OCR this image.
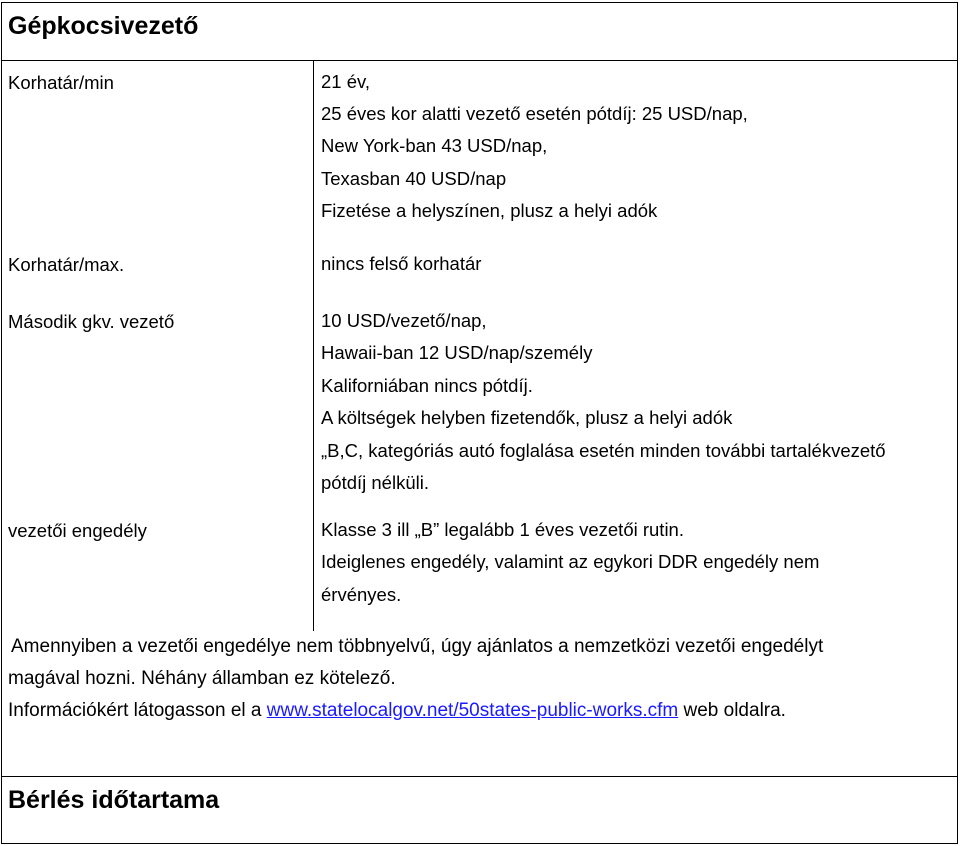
Gépkocsivezető
Korhatár/min	21 év,
25 éves kor alatti vezető esetén pótdíj: 25 USD/nap,
New York-ban 43 USD/nap,
Texasban 40 USD/nap
Fizetése a helyszínen, plusz a helyi adók
Korhatár/max.	nincs felső korhatár
Második gkv. vezető	10 USD/vezető/nap,
Hawaii-ban 12 USD/nap/személy
Kaliforniában nincs pótdíj.
A költségek helyben fizetendők, plusz a helyi adók
„B,C, kategóriás autó foglalása esetén minden további tartalékvezető
pótdíj nélküli.
vezetői engedély	Klasse 3 ill „B” legalább 1 éves vezetői rutin.
Ideiglenes engedély, valamint az egykori DDR engedély nem
érvényes.
Amennyiben a vezetői engedélye nem többnyelvű, úgy ajánlatos a nemzetközi vezetői engedélyt
magával hozni. Néhány államban ez kötelező.
Információkért látogasson el a www.statelocalgov.net/50states-public-works.cfm web oldalra.
Bérlés időtartama
